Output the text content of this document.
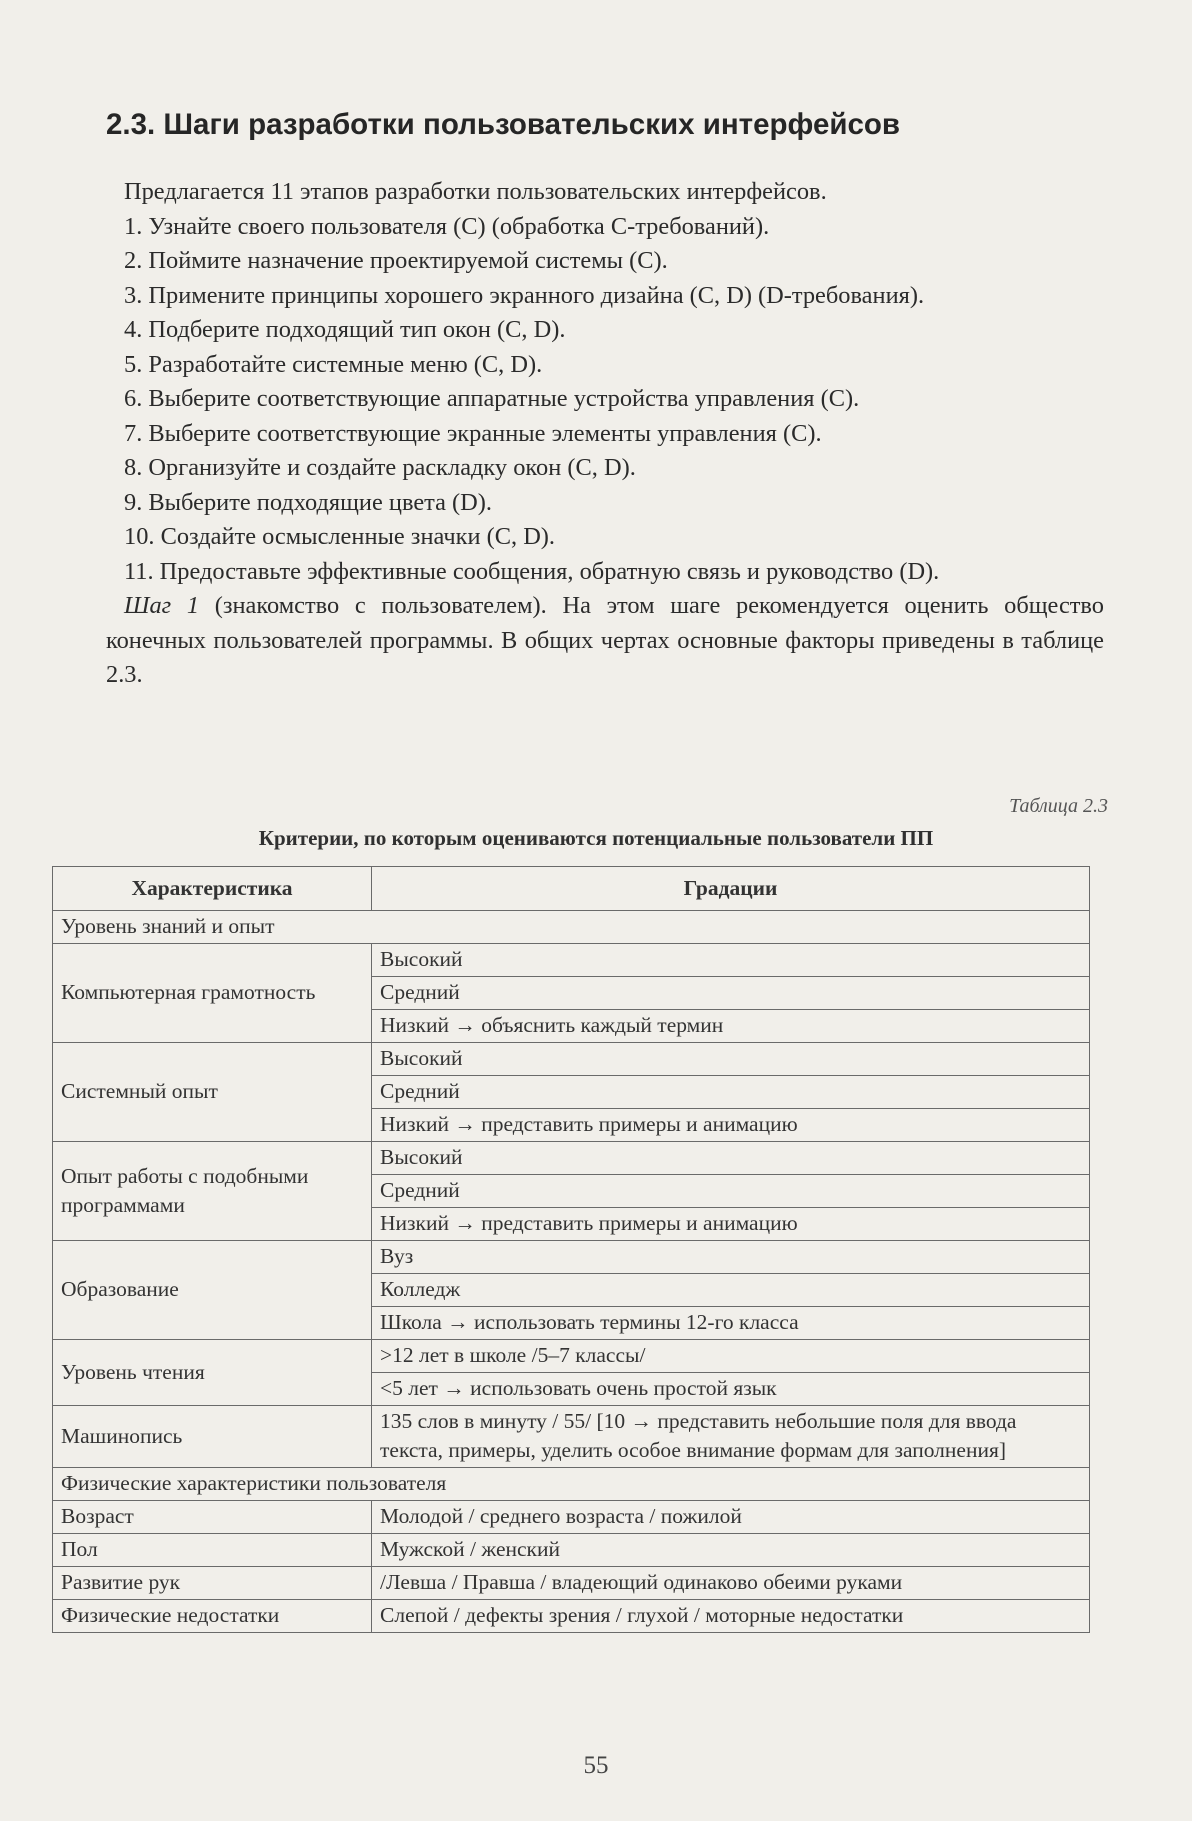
2.3. Шаги разработки пользовательских интерфейсов

Предлагается 11 этапов разработки пользовательских интерфейсов.

1. Узнайте своего пользователя (С) (обработка С-требований).

2. Поймите назначение проектируемой системы (С).

3. Примените принципы хорошего экранного дизайна (С, D) (D-требования).

4. Подберите подходящий тип окон (С, D).

5. Разработайте системные меню (С, D).

6. Выберите соответствующие аппаратные устройства управления (С).

7. Выберите соответствующие экранные элементы управления (С).

8. Организуйте и создайте раскладку окон (С, D).

9. Выберите подходящие цвета (D).

10. Создайте осмысленные значки (С, D).

11. Предоставьте эффективные сообщения, обратную связь и руководство (D).

Шаг 1 (знакомство с пользователем). На этом шаге рекомендуется оценить общество конечных пользователей программы. В общих чертах основные факторы приведены в таблице 2.3.

Таблица 2.3
Критерии, по которым оцениваются потенциальные пользователи ПП
Характеристика	Градации
Уровень знаний и опыт	
Компьютерная грамотность	Высокий
	Средний
	Низкий → объяснить каждый термин
Системный опыт	Высокий
	Средний
	Низкий → представить примеры и анимацию
Опыт работы с подобными программами	Высокий
	Средний
	Низкий → представить примеры и анимацию
Образование	Вуз
	Колледж
	Школа → использовать термины 12-го класса
Уровень чтения	>12 лет в школе /5–7 классы/
	<5 лет → использовать очень простой язык
Машинопись	135 слов в минуту / 55/ [10 → представить небольшие поля для ввода текста, примеры, уделить особое внимание формам для заполнения]
Физические характеристики пользователя	
Возраст	Молодой / среднего возраста / пожилой
Пол	Мужской / женский
Развитие рук	/Левша / Правша / владеющий одинаково обеими руками
Физические недостатки	Слепой / дефекты зрения / глухой / моторные недостатки
55
